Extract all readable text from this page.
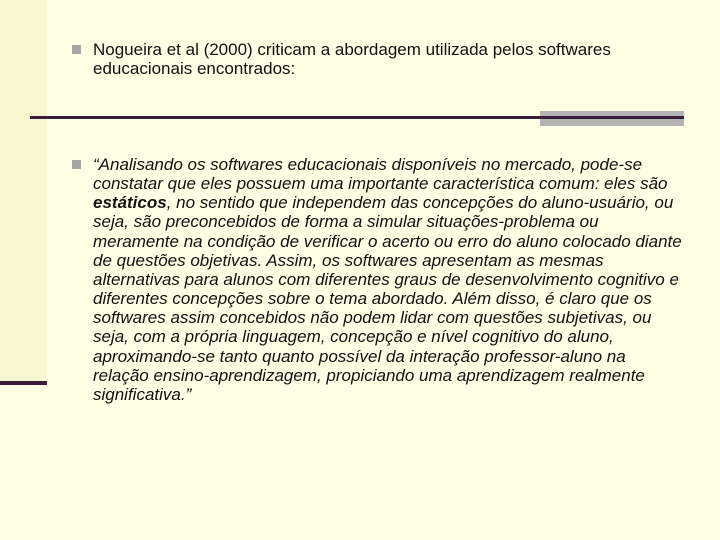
Nogueira et al (2000) criticam a abordagem utilizada pelos softwares educacionais encontrados:
“Analisando os softwares educacionais disponíveis no mercado, pode-se constatar que eles possuem uma importante característica comum: eles são estáticos, no sentido que independem das concepções do aluno-usuário, ou seja, são preconcebidos de forma a simular situações-problema ou meramente na condição de verificar o acerto ou erro do aluno colocado diante de questões objetivas. Assim, os softwares apresentam as mesmas alternativas para alunos com diferentes graus de desenvolvimento cognitivo e diferentes concepções sobre o tema abordado. Além disso, é claro que os softwares assim concebidos não podem lidar com questões subjetivas, ou seja, com a própria linguagem, concepção e nível cognitivo do aluno, aproximando-se tanto quanto possível da interação professor-aluno na relação ensino-aprendizagem, propiciando uma aprendizagem realmente significativa.”
